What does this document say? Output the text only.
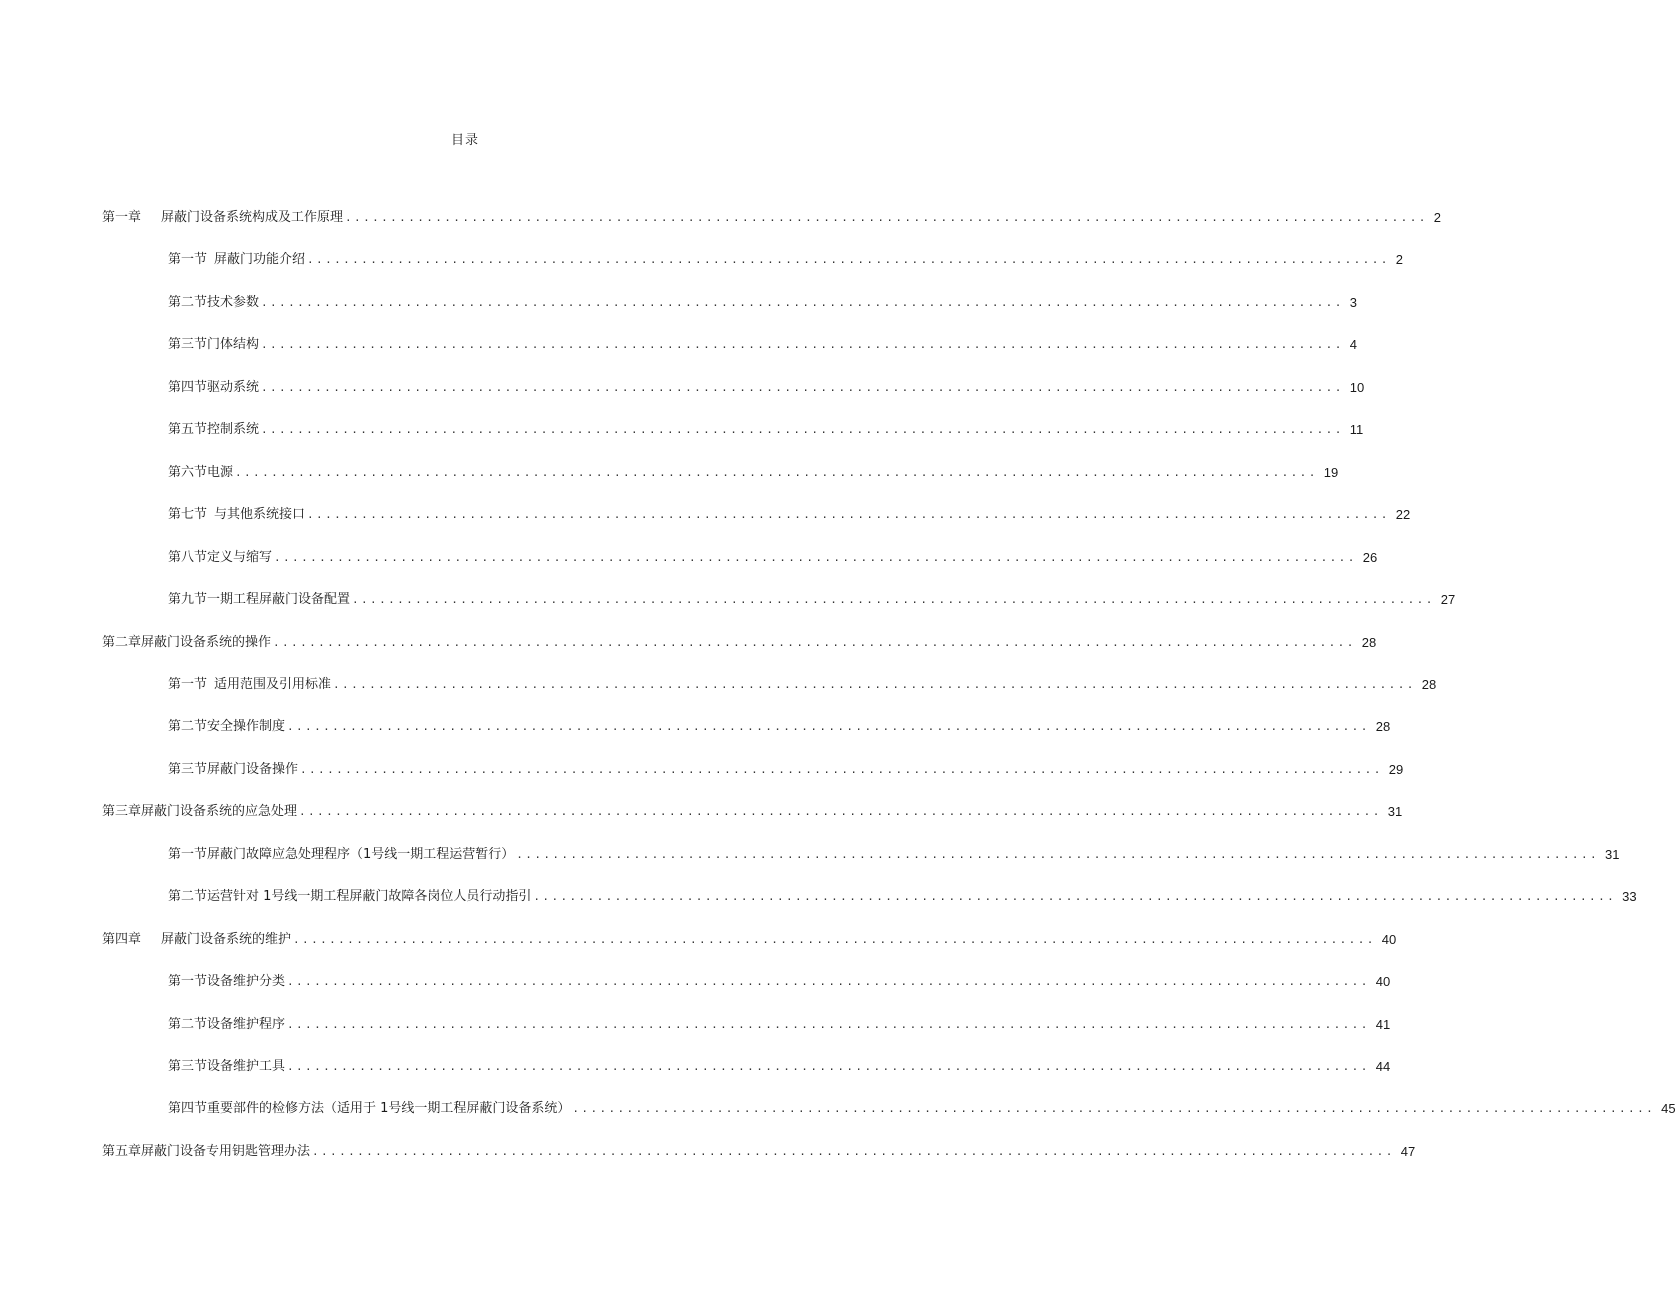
目录
第一章 屏蔽门设备系统构成及工作原理 ........................................................................................................................ 2
第一节 屏蔽门功能介绍 ........................................................................................................................ 2
第二节技术参数 ........................................................................................................................ 3
第三节门体结构 ........................................................................................................................ 4
第四节驱动系统 ........................................................................................................................ 10
第五节控制系统 ........................................................................................................................ 11
第六节电源 ........................................................................................................................ 19
第七节 与其他系统接口 ........................................................................................................................ 22
第八节定义与缩写 ........................................................................................................................ 26
第九节一期工程屏蔽门设备配置 ........................................................................................................................ 27
第二章屏蔽门设备系统的操作 ........................................................................................................................ 28
第一节 适用范围及引用标准 ........................................................................................................................ 28
第二节安全操作制度 ........................................................................................................................ 28
第三节屏蔽门设备操作 ........................................................................................................................ 29
第三章屏蔽门设备系统的应急处理 ........................................................................................................................ 31
第一节屏蔽门故障应急处理程序（1号线一期工程运营暂行） ........................................................................................................................ 31
第二节运营针对 1号线一期工程屏蔽门故障各岗位人员行动指引 ........................................................................................................................ 33
第四章 屏蔽门设备系统的维护 ........................................................................................................................ 40
第一节设备维护分类 ........................................................................................................................ 40
第二节设备维护程序 ........................................................................................................................ 41
第三节设备维护工具 ........................................................................................................................ 44
第四节重要部件的检修方法（适用于 1号线一期工程屏蔽门设备系统） ........................................................................................................................ 45
第五章屏蔽门设备专用钥匙管理办法 ........................................................................................................................ 47
